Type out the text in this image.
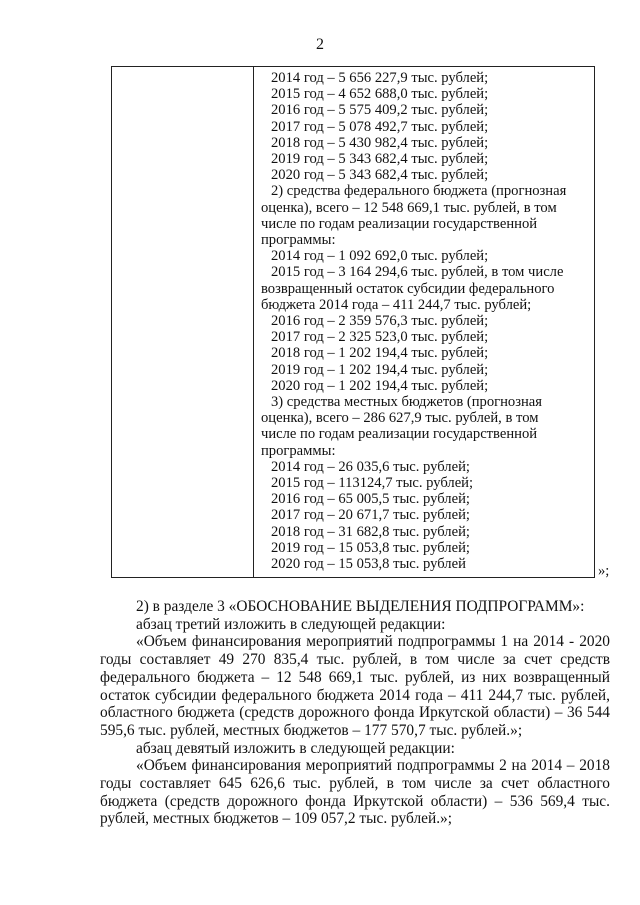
2
2014 год – 5 656 227,9 тыс. рублей;
2015 год – 4 652 688,0 тыс. рублей;
2016 год – 5 575 409,2 тыс. рублей;
2017 год – 5 078 492,7 тыс. рублей;
2018 год – 5 430 982,4 тыс. рублей;
2019 год – 5 343 682,4 тыс. рублей;
2020 год – 5 343 682,4 тыс. рублей;
2) средства федерального бюджета (прогнозная
оценка), всего – 12 548 669,1 тыс. рублей, в том
числе по годам реализации государственной
программы:
2014 год – 1 092 692,0 тыс. рублей;
2015 год – 3 164 294,6 тыс. рублей, в том числе
возвращенный остаток субсидии федерального
бюджета 2014 года – 411 244,7 тыс. рублей;
2016 год – 2 359 576,3 тыс. рублей;
2017 год – 2 325 523,0 тыс. рублей;
2018 год – 1 202 194,4 тыс. рублей;
2019 год – 1 202 194,4 тыс. рублей;
2020 год – 1 202 194,4 тыс. рублей;
3) средства местных бюджетов (прогнозная
оценка), всего – 286 627,9 тыс. рублей, в том
числе по годам реализации государственной
программы:
2014 год – 26 035,6 тыс. рублей;
2015 год – 113124,7 тыс. рублей;
2016 год – 65 005,5 тыс. рублей;
2017 год – 20 671,7 тыс. рублей;
2018 год – 31 682,8 тыс. рублей;
2019 год – 15 053,8 тыс. рублей;
2020 год – 15 053,8 тыс. рублей	»;

2) в разделе 3 «ОБОСНОВАНИЕ ВЫДЕЛЕНИЯ ПОДПРОГРАММ»:

абзац третий изложить в следующей редакции:

«Объем финансирования мероприятий подпрограммы 1 на 2014 - 2020 годы составляет 49 270 835,4 тыс. рублей, в том числе за счет средств федерального бюджета – 12 548 669,1 тыс. рублей, из них возвращенный остаток субсидии федерального бюджета 2014 года – 411 244,7 тыс. рублей, областного бюджета (средств дорожного фонда Иркутской области) – 36 544 595,6 тыс. рублей, местных бюджетов – 177 570,7 тыс. рублей.»;

абзац девятый изложить в следующей редакции:

«Объем финансирования мероприятий подпрограммы 2 на 2014 – 2018 годы составляет 645 626,6 тыс. рублей, в том числе за счет областного бюджета (средств дорожного фонда Иркутской области) – 536 569,4 тыс. рублей, местных бюджетов – 109 057,2 тыс. рублей.»;
